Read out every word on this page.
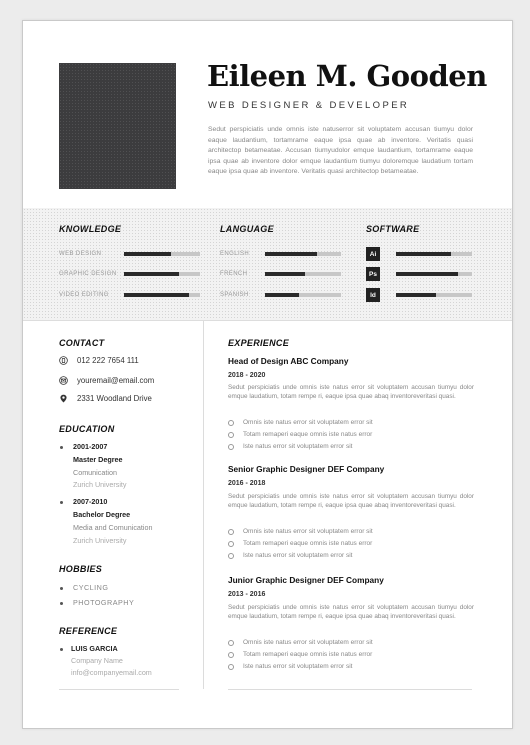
Eileen M. Gooden
WEB DESIGNER & DEVELOPER
Sedut perspiciatis unde omnis iste natuserror sit voluptatem accusan tiumyu dolor eaque laudantium, tortamrame eaque ipsa quae ab inventore. Veritatis quasi architectop betameatae. Accusan tiumyudolor emque laudantium, tortamrame eaque ipsa quae ab inventore dolor emque laudantium tiumyu doloremque laudatium tortam eaque ipsa quae ab inventore. Veritatis quasi architectop betameatae.
KNOWLEDGE
WEB DESIGN
GRAPHIC DESIGN
VIDEO EDITING
LANGUAGE
ENGLISH
FRENCH
SPANISH
SOFTWARE
Ai
Ps
Id
CONTACT
012 222 7654 111
youremail@email.com
2331 Woodland Drive
EDUCATION
2001-2007
Master Degree
Comunication
Zurich University
2007-2010
Bachelor Degree
Media and Comunication
Zurich University
HOBBIES
CYCLING
PHOTOGRAPHY
REFERENCE
LUIS GARCIA
Company Name
info@companyemail.com
EXPERIENCE
Head of Design ABC Company
2018 - 2020
Sedut perspiciatis unde omnis iste natus error sit voluptatem accusan tiumyu dolor emque laudatium, totam rempe ri, eaque ipsa quae abaq inventoreveritasi quasi.
Omnis iste natus error sit voluptatem error sit
Totam remaperi eaque omnis iste natus error
Iste natus error sit voluptatem error sit
Senior Graphic Designer DEF Company
2016 - 2018
Sedut perspiciatis unde omnis iste natus error sit voluptatem accusan tiumyu dolor emque laudatium, totam rempe ri, eaque ipsa quae abaq inventoreveritasi quasi.
Omnis iste natus error sit voluptatem error sit
Totam remaperi eaque omnis iste natus error
Iste natus error sit voluptatem error sit
Junior Graphic Designer DEF Company
2013 - 2016
Sedut perspiciatis unde omnis iste natus error sit voluptatem accusan tiumyu dolor emque laudatium, totam rempe ri, eaque ipsa quae abaq inventoreveritasi quasi.
Omnis iste natus error sit voluptatem error sit
Totam remaperi eaque omnis iste natus error
Iste natus error sit voluptatem error sit
